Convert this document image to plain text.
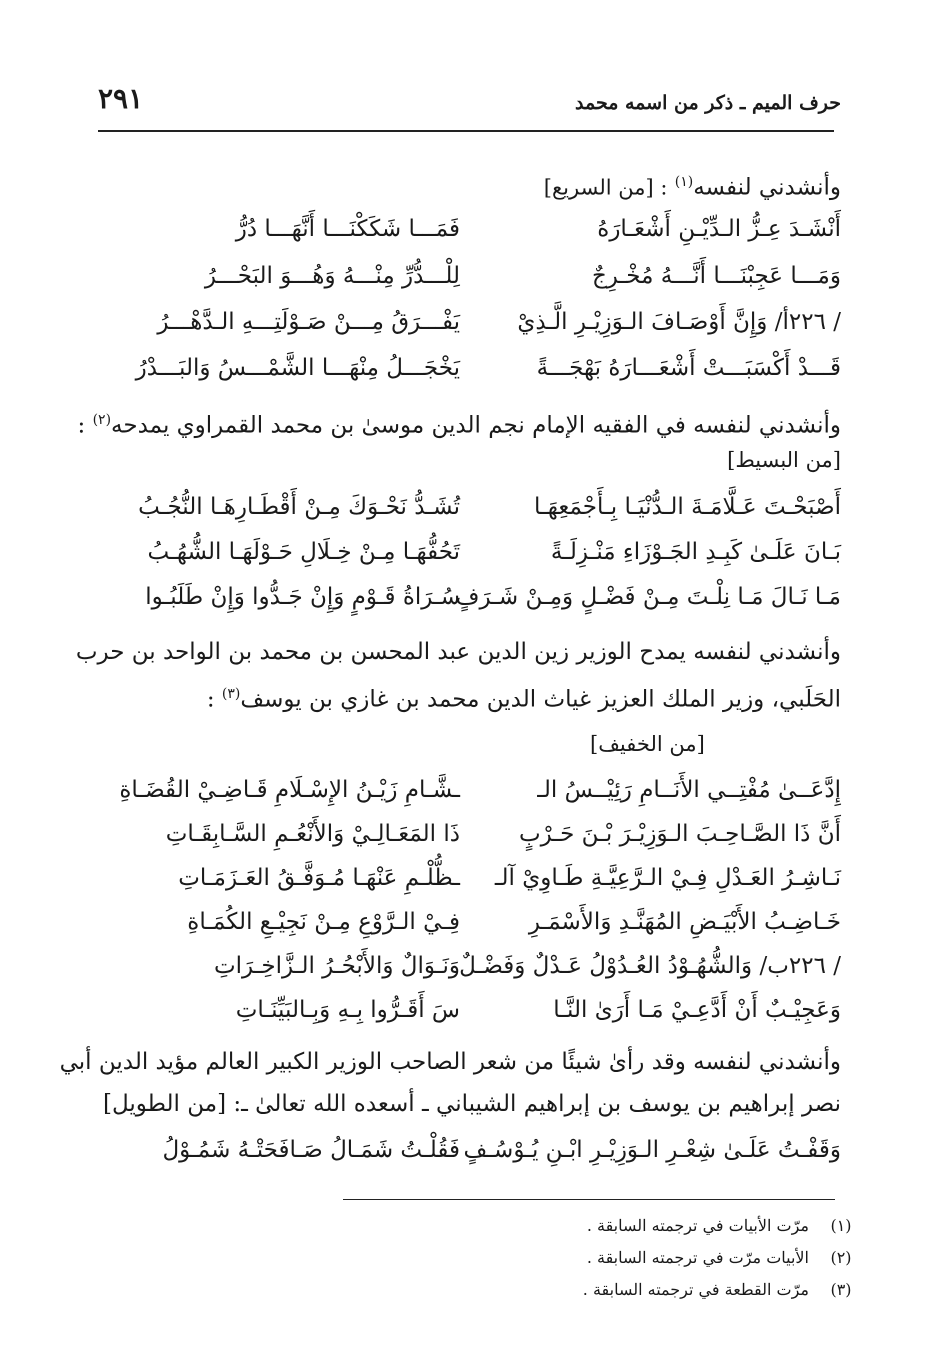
حرف الميم ـ ذكر من اسمه محمد
٢٩١
وأنشدني لنفسه$^{(١)}$ : [من السريع]
أَنْشَـدَ عِـزُّ الـدِّيْـنِ أَشْعَـارَهُ
فَمَـــا شَكَكْنَـــا أَنَّهَـــا دُرُّ
وَمَـــا عَجِبْنَـــا أَنَّـــهُ مُخْـرِجٌ
لِلْـــدُّرِّ مِنْـــهُ وَهُـــوَ البَحْـــرُ
/ ٢٢٦أ/ وَإِنَّ أَوْصَـافَ الـوَزِيْـرِ الَّـذِيْ
يَفْـــرَقُ مِـــنْ صَـوْلَتِـــهِ الـدَّهْـــرُ
قَـــدْ أَكْسَبَـــتْ أَشْعَـــارَهُ بَهْجَـــةً
يَخْجَـــلُ مِنْهَـــا الشَّمْـــسُ وَالبَـــدْرُ
وأنشدني لنفسه في الفقيه الإمام نجم الدين موسىٰ بن محمد القمراوي يمدحه$^{(٢)}$ :
[من البسيط]
أَصْبَحْـتَ عَـلَّامَـةَ الـدُّنْيَـا بِـأَجْمَعِهَـا
تُشَـدُّ نَحْـوَكَ مِـنْ أَقْطَـارِهَـا النُّجُـبُ
بَـانَ عَلَـىٰ كَبِـدِ الجَـوْزَاءِ مَنْـزِلَـةً
تَحُفُّهَـا مِـنْ خِـلَالِ حَـوْلَهَـا الشُّهُـبُ
مَـا نَـالَ مَـا نِلْـتَ مِـنْ فَضْـلٍ وَمِـنْ شَـرَفٍ
سُـرَاةُ قَـوْمٍ وَإِنْ جَـدُّوا وَإِنْ طَلَبُـوا
وأنشدني لنفسه يمدح الوزير زين الدين عبد المحسن بن محمد بن الواحد بن حرب
الحَلَبي، وزير الملك العزيز غياث الدين محمد بن غازي بن يوسف$^{(٣)}$ :
[من الخفيف]
إِدَّعَــىٰ مُفْتِــي الأَنَــامِ رَئِيْــسُ الـ
ـشَّـامِ زَيْـنُ الإِسْـلَامِ قَـاضِـيْ القُضَـاةِ
أَنَّ ذَا الصَّـاحِـبَ الـوَزِيْـرَ بْـنَ حَـرْبٍ
ذَا المَعَـالِـيْ وَالأَنْعُـمِ السَّـابِقَـاتِ
نَـاشِـرُ العَـدْلِ فِـيْ الـرَّعِيَّـةِ طَـاوِيْ آلـ
ـظُّلْـمِ عَنْهَـا مُـوَفَّـقُ العَـزَمَـاتِ
خَـاضِـبُ الأَبْيَـضِ المُهَنَّـدِ وَالأَسْمَـرِ
فِـيْ الـرَّوْعِ مِـنْ نَجِيْـعِ الكُمَـاةِ
/ ٢٢٦ب/ وَالشُّهُـوْدُ العُـدُوْلُ عَـدْلٌ وَفَضْـلٌ
وَنَـوَالٌ وَالأَبْحُـرُ الـزَّاخِـرَاتِ
وَعَجِيْـبٌ أَنْ أَدَّعِـيْ مَـا أَرَىٰ النَّـا
سَ أَقَـرُّوا بِـهِ وَبِـالبَيِّنَـاتِ
وأنشدني لنفسه وقد رأىٰ شيئًا من شعر الصاحب الوزير الكبير العالم مؤيد الدين أبي
نصر إبراهيم بن يوسف بن إبراهيم الشيباني ـ أسعده الله تعالىٰ ـ: [من الطويل]
وَقَفْـتُ عَلَـىٰ شِعْـرِ الـوَزِيْـرِ ابْـنِ يُـوْسُـفٍ
فَقُلْـتُ شَمَـالُ صَـافَحَتْـهُ شَمُـوْلُ
(١)مرّت الأبيات في ترجمته السابقة .
(٢)الأبيات مرّت في ترجمته السابقة .
(٣)مرّت القطعة في ترجمته السابقة .
